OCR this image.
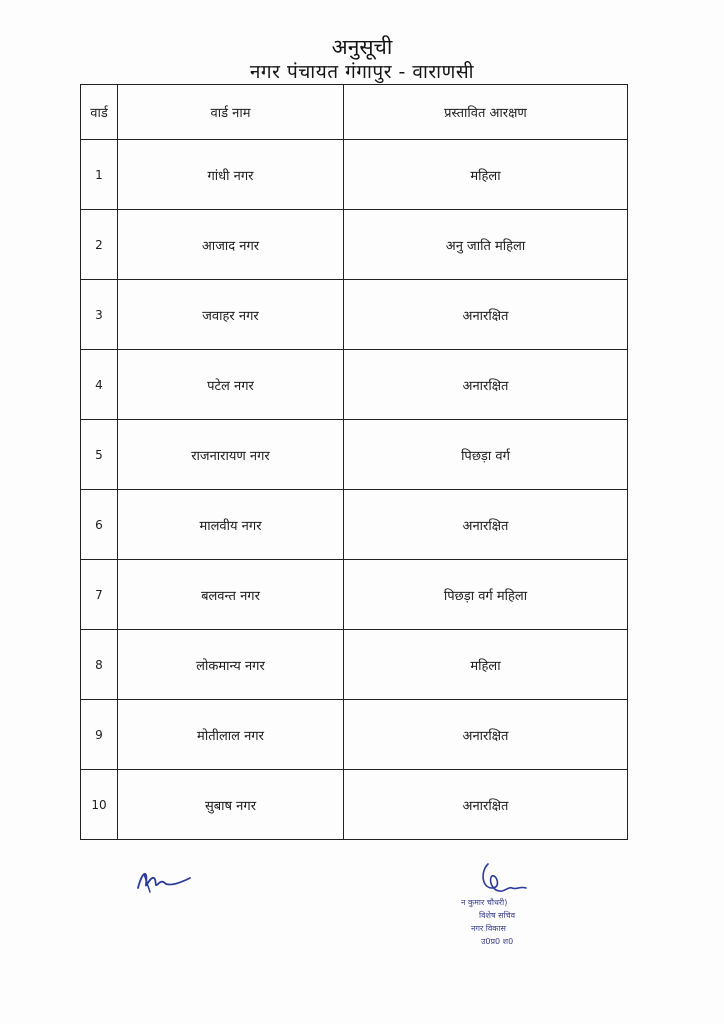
अनुसूची
नगर पंचायत गंगापुर - वाराणसी
वार्ड	वार्ड नाम	प्रस्तावित आरक्षण
1	गांधी नगर	महिला
2	आजाद नगर	अनु जाति महिला
3	जवाहर नगर	अनारक्षित
4	पटेल नगर	अनारक्षित
5	राजनारायण नगर	पिछड़ा वर्ग
6	मालवीय नगर	अनारक्षित
7	बलवन्त नगर	पिछड़ा वर्ग महिला
8	लोकमान्य नगर	महिला
9	मोतीलाल नगर	अनारक्षित
10	सुबाष नगर	अनारक्षित
न कुमार चौधरी)
विशेष सचिव
नगर विकास
उ0प्र0 श0
